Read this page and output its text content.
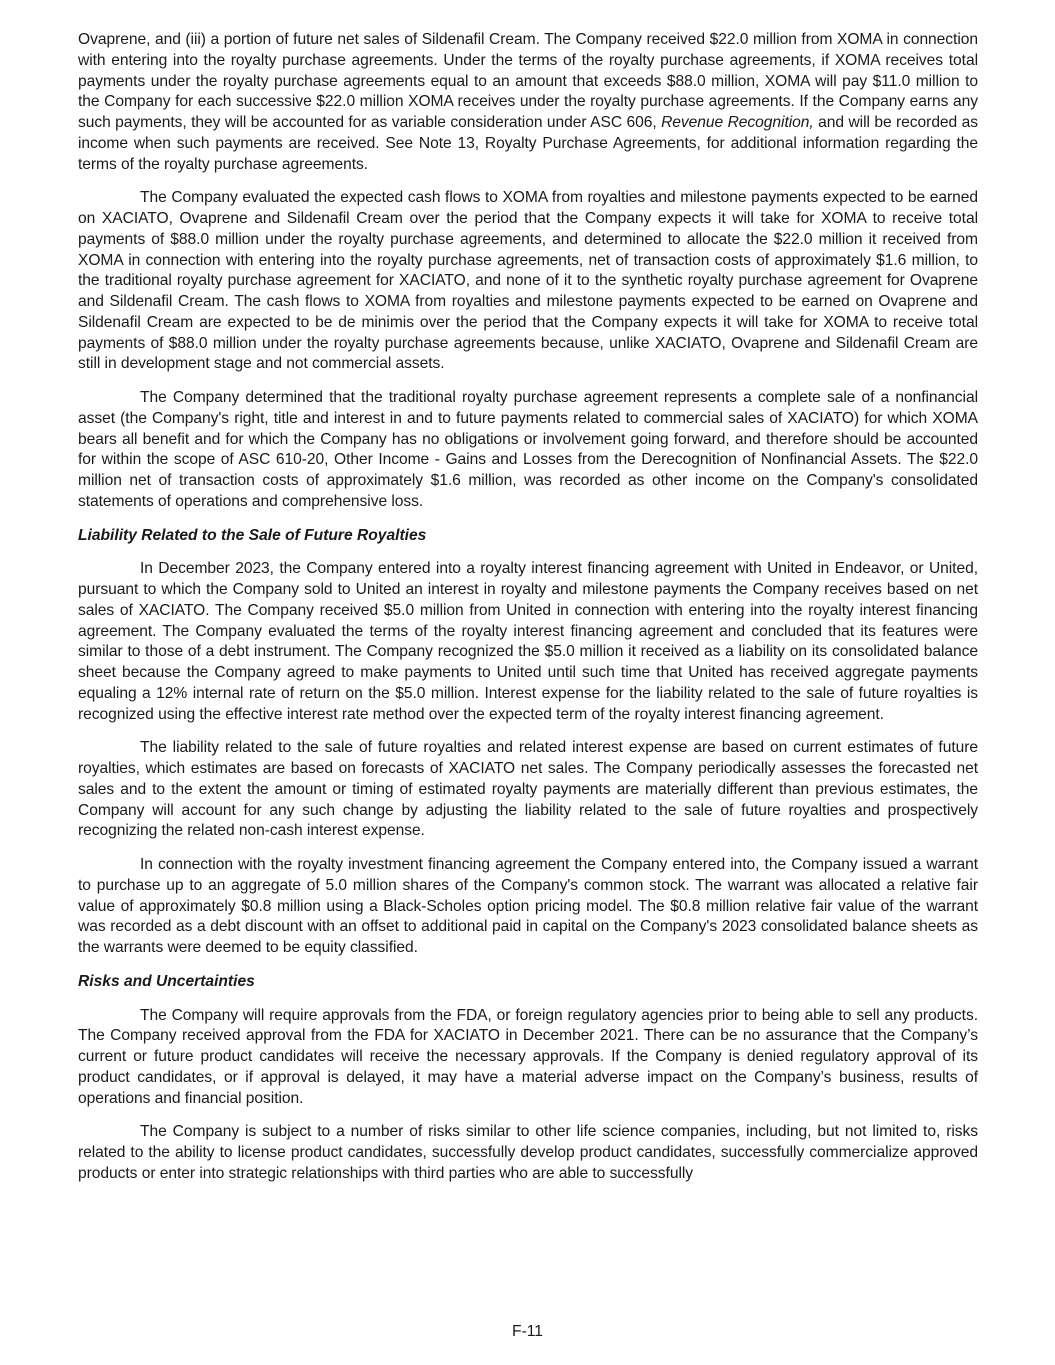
Ovaprene, and (iii) a portion of future net sales of Sildenafil Cream. The Company received $22.0 million from XOMA in connection with entering into the royalty purchase agreements. Under the terms of the royalty purchase agreements, if XOMA receives total payments under the royalty purchase agreements equal to an amount that exceeds $88.0 million, XOMA will pay $11.0 million to the Company for each successive $22.0 million XOMA receives under the royalty purchase agreements. If the Company earns any such payments, they will be accounted for as variable consideration under ASC 606, Revenue Recognition, and will be recorded as income when such payments are received. See Note 13, Royalty Purchase Agreements, for additional information regarding the terms of the royalty purchase agreements.

The Company evaluated the expected cash flows to XOMA from royalties and milestone payments expected to be earned on XACIATO, Ovaprene and Sildenafil Cream over the period that the Company expects it will take for XOMA to receive total payments of $88.0 million under the royalty purchase agreements, and determined to allocate the $22.0 million it received from XOMA in connection with entering into the royalty purchase agreements, net of transaction costs of approximately $1.6 million, to the traditional royalty purchase agreement for XACIATO, and none of it to the synthetic royalty purchase agreement for Ovaprene and Sildenafil Cream. The cash flows to XOMA from royalties and milestone payments expected to be earned on Ovaprene and Sildenafil Cream are expected to be de minimis over the period that the Company expects it will take for XOMA to receive total payments of $88.0 million under the royalty purchase agreements because, unlike XACIATO, Ovaprene and Sildenafil Cream are still in development stage and not commercial assets.

The Company determined that the traditional royalty purchase agreement represents a complete sale of a nonfinancial asset (the Company's right, title and interest in and to future payments related to commercial sales of XACIATO) for which XOMA bears all benefit and for which the Company has no obligations or involvement going forward, and therefore should be accounted for within the scope of ASC 610-20, Other Income - Gains and Losses from the Derecognition of Nonfinancial Assets. The $22.0 million net of transaction costs of approximately $1.6 million, was recorded as other income on the Company's consolidated statements of operations and comprehensive loss.

Liability Related to the Sale of Future Royalties

In December 2023, the Company entered into a royalty interest financing agreement with United in Endeavor, or United, pursuant to which the Company sold to United an interest in royalty and milestone payments the Company receives based on net sales of XACIATO. The Company received $5.0 million from United in connection with entering into the royalty interest financing agreement. The Company evaluated the terms of the royalty interest financing agreement and concluded that its features were similar to those of a debt instrument. The Company recognized the $5.0 million it received as a liability on its consolidated balance sheet because the Company agreed to make payments to United until such time that United has received aggregate payments equaling a 12% internal rate of return on the $5.0 million. Interest expense for the liability related to the sale of future royalties is recognized using the effective interest rate method over the expected term of the royalty interest financing agreement.

The liability related to the sale of future royalties and related interest expense are based on current estimates of future royalties, which estimates are based on forecasts of XACIATO net sales. The Company periodically assesses the forecasted net sales and to the extent the amount or timing of estimated royalty payments are materially different than previous estimates, the Company will account for any such change by adjusting the liability related to the sale of future royalties and prospectively recognizing the related non-cash interest expense.

In connection with the royalty investment financing agreement the Company entered into, the Company issued a warrant to purchase up to an aggregate of 5.0 million shares of the Company's common stock. The warrant was allocated a relative fair value of approximately $0.8 million using a Black-Scholes option pricing model. The $0.8 million relative fair value of the warrant was recorded as a debt discount with an offset to additional paid in capital on the Company's 2023 consolidated balance sheets as the warrants were deemed to be equity classified.

Risks and Uncertainties

The Company will require approvals from the FDA, or foreign regulatory agencies prior to being able to sell any products. The Company received approval from the FDA for XACIATO in December 2021. There can be no assurance that the Company’s current or future product candidates will receive the necessary approvals. If the Company is denied regulatory approval of its product candidates, or if approval is delayed, it may have a material adverse impact on the Company’s business, results of operations and financial position.

The Company is subject to a number of risks similar to other life science companies, including, but not limited to, risks related to the ability to license product candidates, successfully develop product candidates, successfully commercialize approved products or enter into strategic relationships with third parties who are able to successfully

F-11
